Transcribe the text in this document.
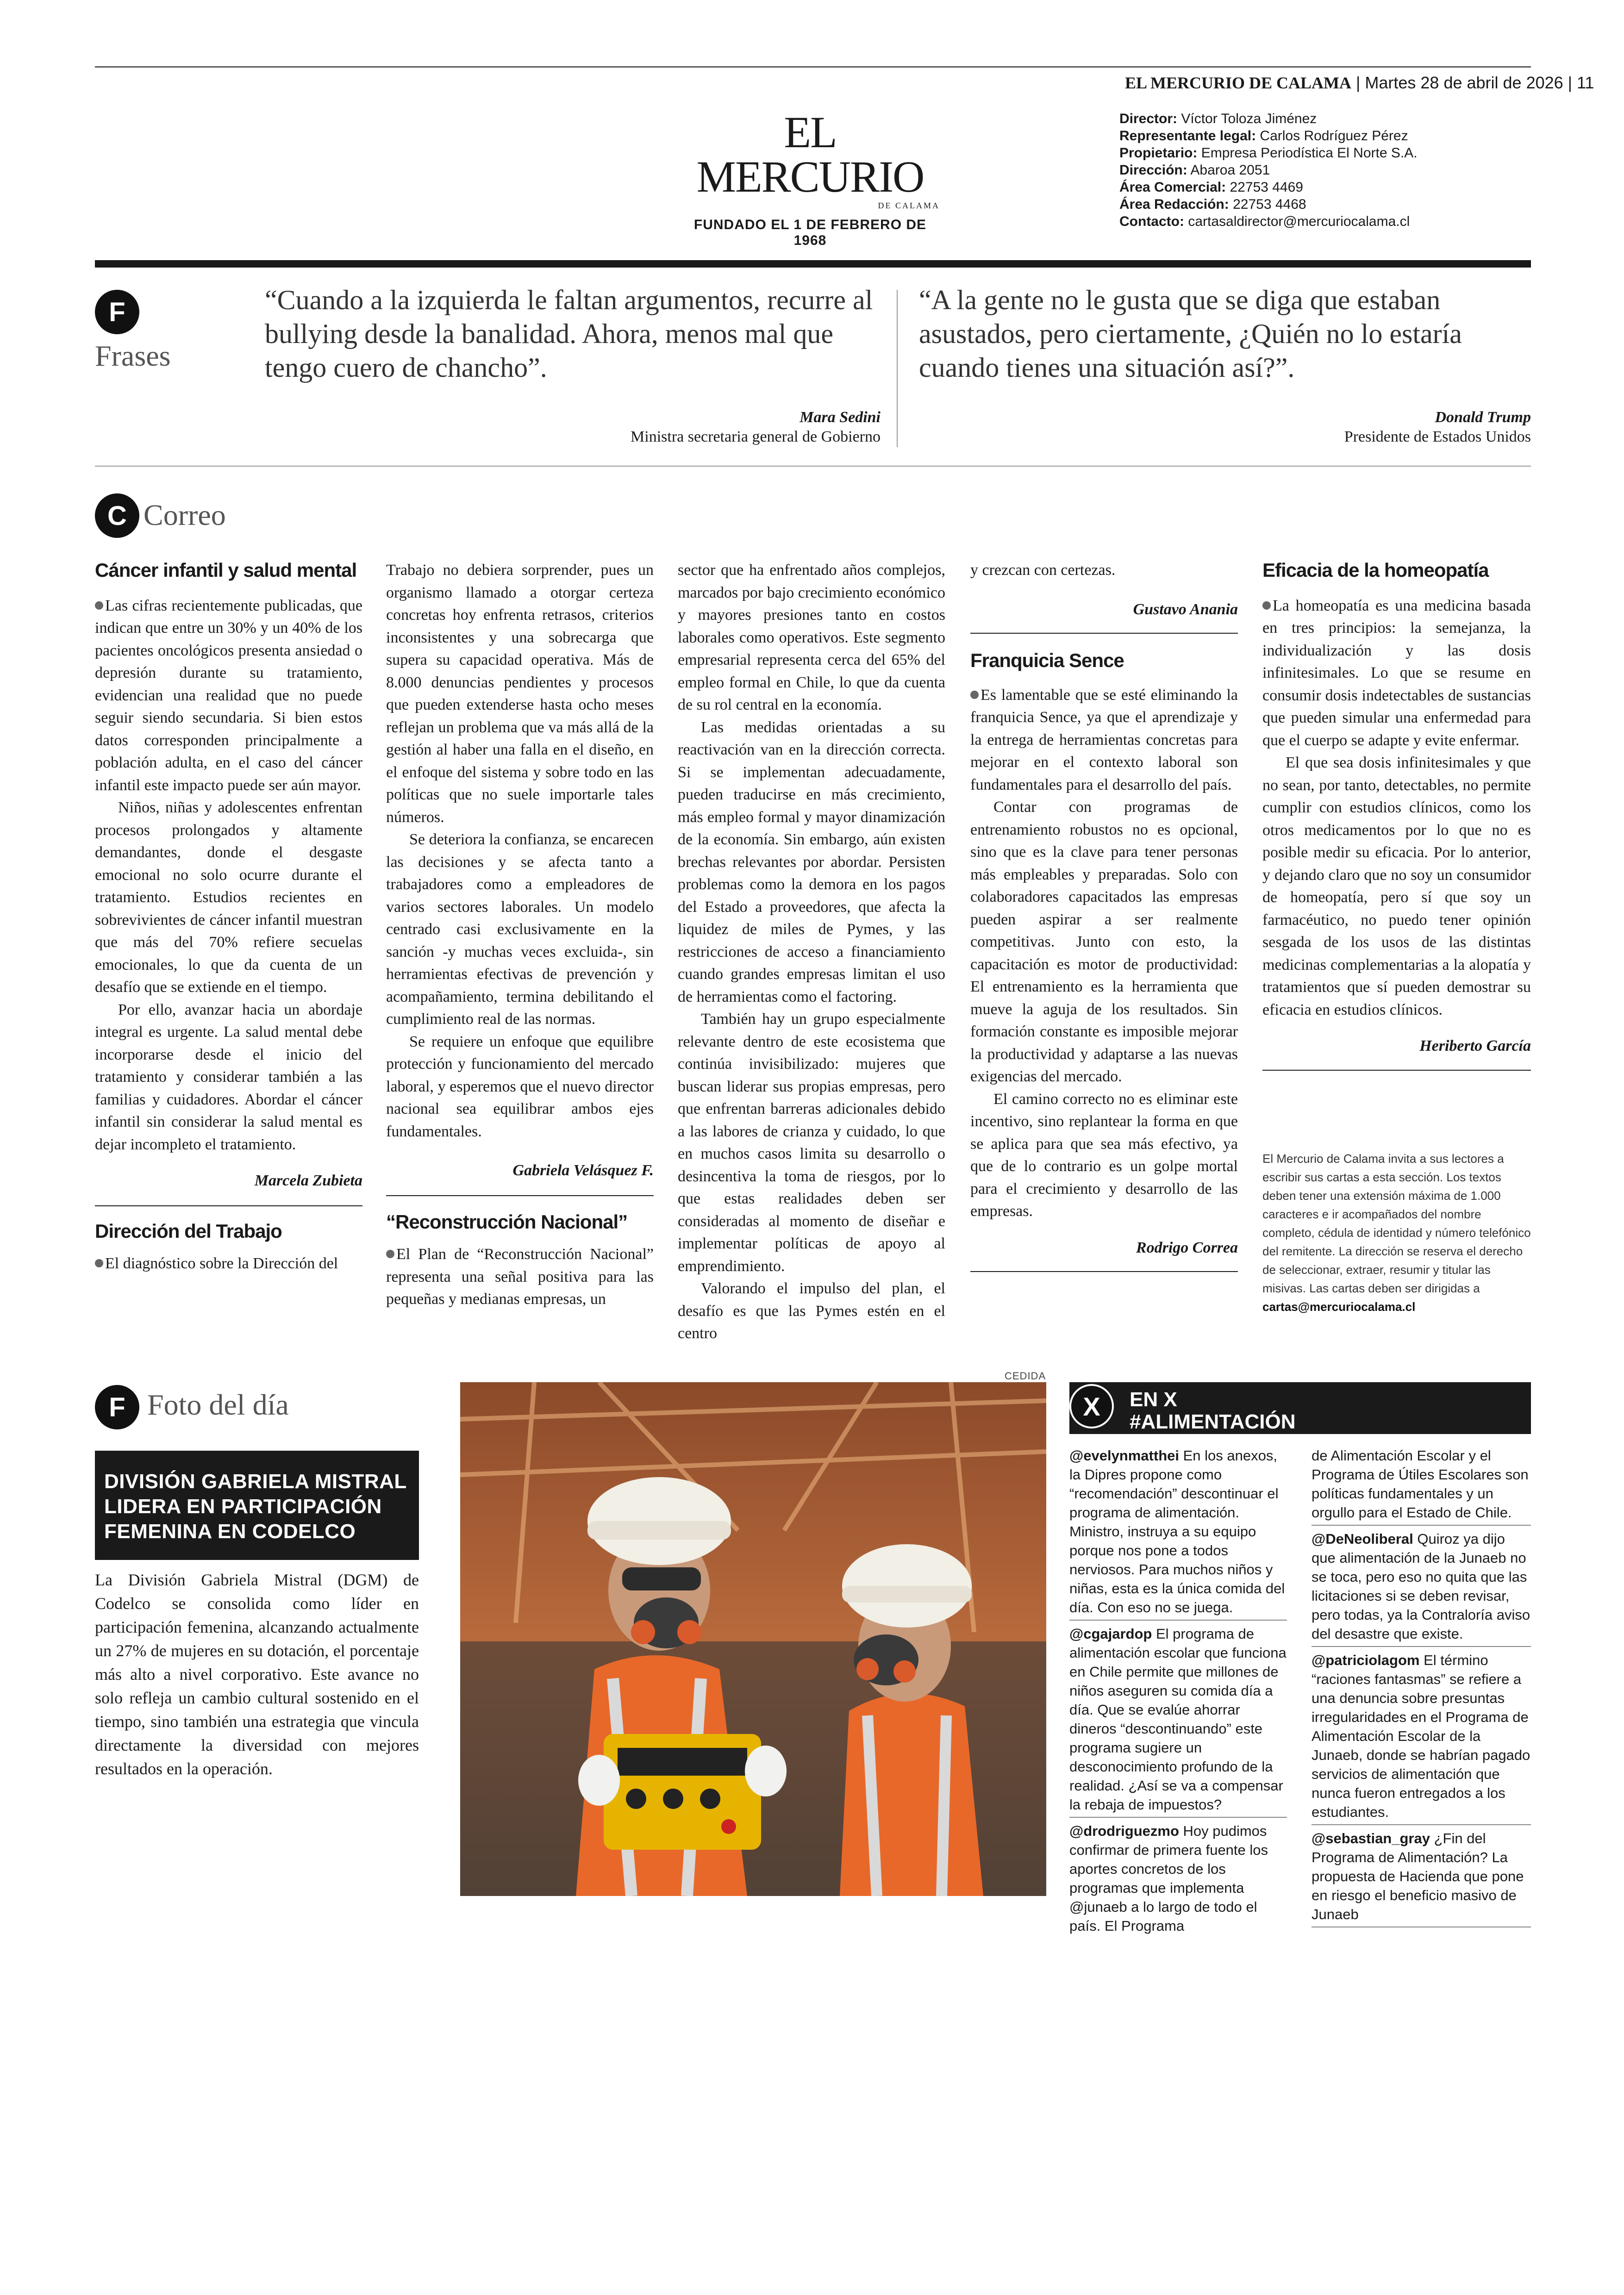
EL MERCURIO DE CALAMA | Martes 28 de abril de 2026 | 11
EL MERCURIO
DE CALAMA
FUNDADO EL 1 DE FEBRERO DE 1968
Director: Víctor Toloza Jiménez
Representante legal: Carlos Rodríguez Pérez
Propietario: Empresa Periodística El Norte S.A.
Dirección: Abaroa 2051
Área Comercial: 22753 4469
Área Redacción: 22753 4468
Contacto: cartasaldirector@mercuriocalama.cl
F
Frases
“Cuando a la izquierda le faltan argumentos, recurre al bullying desde la banalidad. Ahora, menos mal que tengo cuero de chancho”.
Mara Sedini
Ministra secretaria general de Gobierno
“A la gente no le gusta que se diga que estaban asustados, pero ciertamente, ¿Quién no lo estaría cuando tienes una situación así?”.
Donald Trump
Presidente de Estados Unidos
C Correo
Cáncer infantil y salud mental

Las cifras recientemente publicadas, que indican que entre un 30% y un 40% de los pacientes oncológicos presenta ansiedad o depresión durante su tratamiento, evidencian una realidad que no puede seguir siendo secundaria. Si bien estos datos corresponden principalmente a población adulta, en el caso del cáncer infantil este impacto puede ser aún mayor.

Niños, niñas y adolescentes enfrentan procesos prolongados y altamente demandantes, donde el desgaste emocional no solo ocurre durante el tratamiento. Estudios recientes en sobrevivientes de cáncer infantil muestran que más del 70% refiere secuelas emocionales, lo que da cuenta de un desafío que se extiende en el tiempo.

Por ello, avanzar hacia un abordaje integral es urgente. La salud mental debe incorporarse desde el inicio del tratamiento y considerar también a las familias y cuidadores. Abordar el cáncer infantil sin considerar la salud mental es dejar incompleto el tratamiento.

Marcela Zubieta
Dirección del Trabajo

El diagnóstico sobre la Dirección del

Trabajo no debiera sorprender, pues un organismo llamado a otorgar certeza concretas hoy enfrenta retrasos, criterios inconsistentes y una sobrecarga que supera su capacidad operativa. Más de 8.000 denuncias pendientes y procesos que pueden extenderse hasta ocho meses reflejan un problema que va más allá de la gestión al haber una falla en el diseño, en el enfoque del sistema y sobre todo en las políticas que no suele importarle tales números.

Se deteriora la confianza, se encarecen las decisiones y se afecta tanto a trabajadores como a empleadores de varios sectores laborales. Un modelo centrado casi exclusivamente en la sanción -y muchas veces excluida-, sin herramientas efectivas de prevención y acompañamiento, termina debilitando el cumplimiento real de las normas.

Se requiere un enfoque que equilibre protección y funcionamiento del mercado laboral, y esperemos que el nuevo director nacional sea equilibrar ambos ejes fundamentales.

Gabriela Velásquez F.
“Reconstrucción Nacional”

El Plan de “Reconstrucción Nacional” representa una señal positiva para las pequeñas y medianas empresas, un

sector que ha enfrentado años complejos, marcados por bajo crecimiento económico y mayores presiones tanto en costos laborales como operativos. Este segmento empresarial representa cerca del 65% del empleo formal en Chile, lo que da cuenta de su rol central en la economía.

Las medidas orientadas a su reactivación van en la dirección correcta. Si se implementan adecuadamente, pueden traducirse en más crecimiento, más empleo formal y mayor dinamización de la economía. Sin embargo, aún existen brechas relevantes por abordar. Persisten problemas como la demora en los pagos del Estado a proveedores, que afecta la liquidez de miles de Pymes, y las restricciones de acceso a financiamiento cuando grandes empresas limitan el uso de herramientas como el factoring.

También hay un grupo especialmente relevante dentro de este ecosistema que continúa invisibilizado: mujeres que buscan liderar sus propias empresas, pero que enfrentan barreras adicionales debido a las labores de crianza y cuidado, lo que en muchos casos limita su desarrollo o desincentiva la toma de riesgos, por lo que estas realidades deben ser consideradas al momento de diseñar e implementar políticas de apoyo al emprendimiento.

Valorando el impulso del plan, el desafío es que las Pymes estén en el centro

y crezcan con certezas.

Gustavo Anania
Franquicia Sence

Es lamentable que se esté eliminando la franquicia Sence, ya que el aprendizaje y la entrega de herramientas concretas para mejorar en el contexto laboral son fundamentales para el desarrollo del país.

Contar con programas de entrenamiento robustos no es opcional, sino que es la clave para tener personas más empleables y preparadas. Solo con colaboradores capacitados las empresas pueden aspirar a ser realmente competitivas. Junto con esto, la capacitación es motor de productividad: El entrenamiento es la herramienta que mueve la aguja de los resultados. Sin formación constante es imposible mejorar la productividad y adaptarse a las nuevas exigencias del mercado.

El camino correcto no es eliminar este incentivo, sino replantear la forma en que se aplica para que sea más efectivo, ya que de lo contrario es un golpe mortal para el crecimiento y desarrollo de las empresas.

Rodrigo Correa
Eficacia de la homeopatía

La homeopatía es una medicina basada en tres principios: la semejanza, la individualización y las dosis infinitesimales. Lo que se resume en consumir dosis indetectables de sustancias que pueden simular una enfermedad para que el cuerpo se adapte y evite enfermar.

El que sea dosis infinitesimales y que no sean, por tanto, detectables, no permite cumplir con estudios clínicos, como los otros medicamentos por lo que no es posible medir su eficacia. Por lo anterior, y dejando claro que no soy un consumidor de homeopatía, pero sí que soy un farmacéutico, no puedo tener opinión sesgada de los usos de las distintas medicinas complementarias a la alopatía y tratamientos que sí pueden demostrar su eficacia en estudios clínicos.

Heriberto García
El Mercurio de Calama invita a sus lectores a escribir sus cartas a esta sección. Los textos deben tener una extensión máxima de 1.000 caracteres e ir acompañados del nombre completo, cédula de identidad y número telefónico del remitente. La dirección se reserva el derecho de seleccionar, extraer, resumir y titular las misivas. Las cartas deben ser dirigidas a
cartas@mercuriocalama.cl
F Foto del día
DIVISIÓN GABRIELA MISTRAL LIDERA EN PARTICIPACIÓN FEMENINA EN CODELCO
La División Gabriela Mistral (DGM) de Codelco se consolida como líder en participación femenina, alcanzando actualmente un 27% de mujeres en su dotación, el porcentaje más alto a nivel corporativo. Este avance no solo refleja un cambio cultural sostenido en el tiempo, sino también una estrategia que vincula directamente la diversidad con mejores resultados en la operación.
CEDIDA
EN X
#ALIMENTACIÓN
X
@evelynmatthei En los anexos, la Dipres propone como “recomendación” descontinuar el programa de alimentación. Ministro, instruya a su equipo porque nos pone a todos nerviosos. Para muchos niños y niñas, esta es la única comida del día. Con eso no se juega.
@cgajardop El programa de alimentación escolar que funciona en Chile permite que millones de niños aseguren su comida día a día. Que se evalúe ahorrar dineros “descontinuando” este programa sugiere un desconocimiento profundo de la realidad. ¿Así se va a compensar la rebaja de impuestos?
@drodriguezmo Hoy pudimos confirmar de primera fuente los aportes concretos de los programas que implementa @junaeb a lo largo de todo el país. El Programa
de Alimentación Escolar y el Programa de Útiles Escolares son políticas fundamentales y un orgullo para el Estado de Chile.
@DeNeoliberal Quiroz ya dijo que alimentación de la Junaeb no se toca, pero eso no quita que las licitaciones si se deben revisar, pero todas, ya la Contraloría aviso del desastre que existe.
@patriciolagom El término “raciones fantasmas” se refiere a una denuncia sobre presuntas irregularidades en el Programa de Alimentación Escolar de la Junaeb, donde se habrían pagado servicios de alimentación que nunca fueron entregados a los estudiantes.
@sebastian_gray ¿Fin del Programa de Alimentación? La propuesta de Hacienda que pone en riesgo el beneficio masivo de Junaeb
